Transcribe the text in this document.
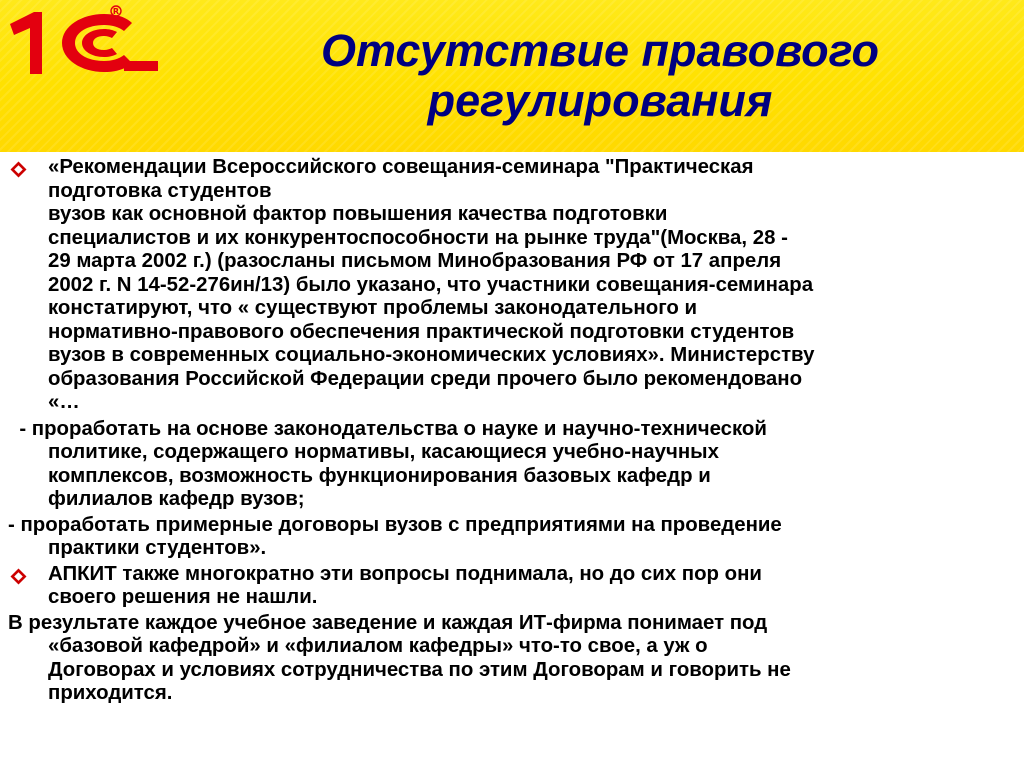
R
Отсутствие правового
регулирования
«Рекомендации Всероссийского совещания-семинара "Практическая
подготовка студентов
вузов как основной фактор повышения качества подготовки
специалистов и их конкурентоспособности на рынке труда"(Москва, 28 -
29 марта 2002 г.) (разосланы письмом Минобразования РФ от 17 апреля
2002 г. N 14-52-276ин/13) было указано, что участники совещания-семинара
констатируют, что « существуют проблемы законодательного и
нормативно-правового обеспечения практической подготовки студентов
вузов в современных социально-экономических условиях». Министерству
образования Российской Федерации среди прочего было рекомендовано
«…
- проработать на основе законодательства о науке и научно-технической
политике, содержащего нормативы, касающиеся учебно-научных
комплексов, возможность функционирования базовых кафедр и
филиалов кафедр вузов;
- проработать примерные договоры вузов с предприятиями на проведение
практики студентов».
АПКИТ также многократно эти вопросы поднимала, но до сих пор они
своего решения не нашли.
В результате каждое учебное заведение и каждая ИТ-фирма понимает под
«базовой кафедрой» и «филиалом кафедры» что-то свое, а уж о
Договорах и условиях сотрудничества по этим Договорам и говорить не
приходится.
